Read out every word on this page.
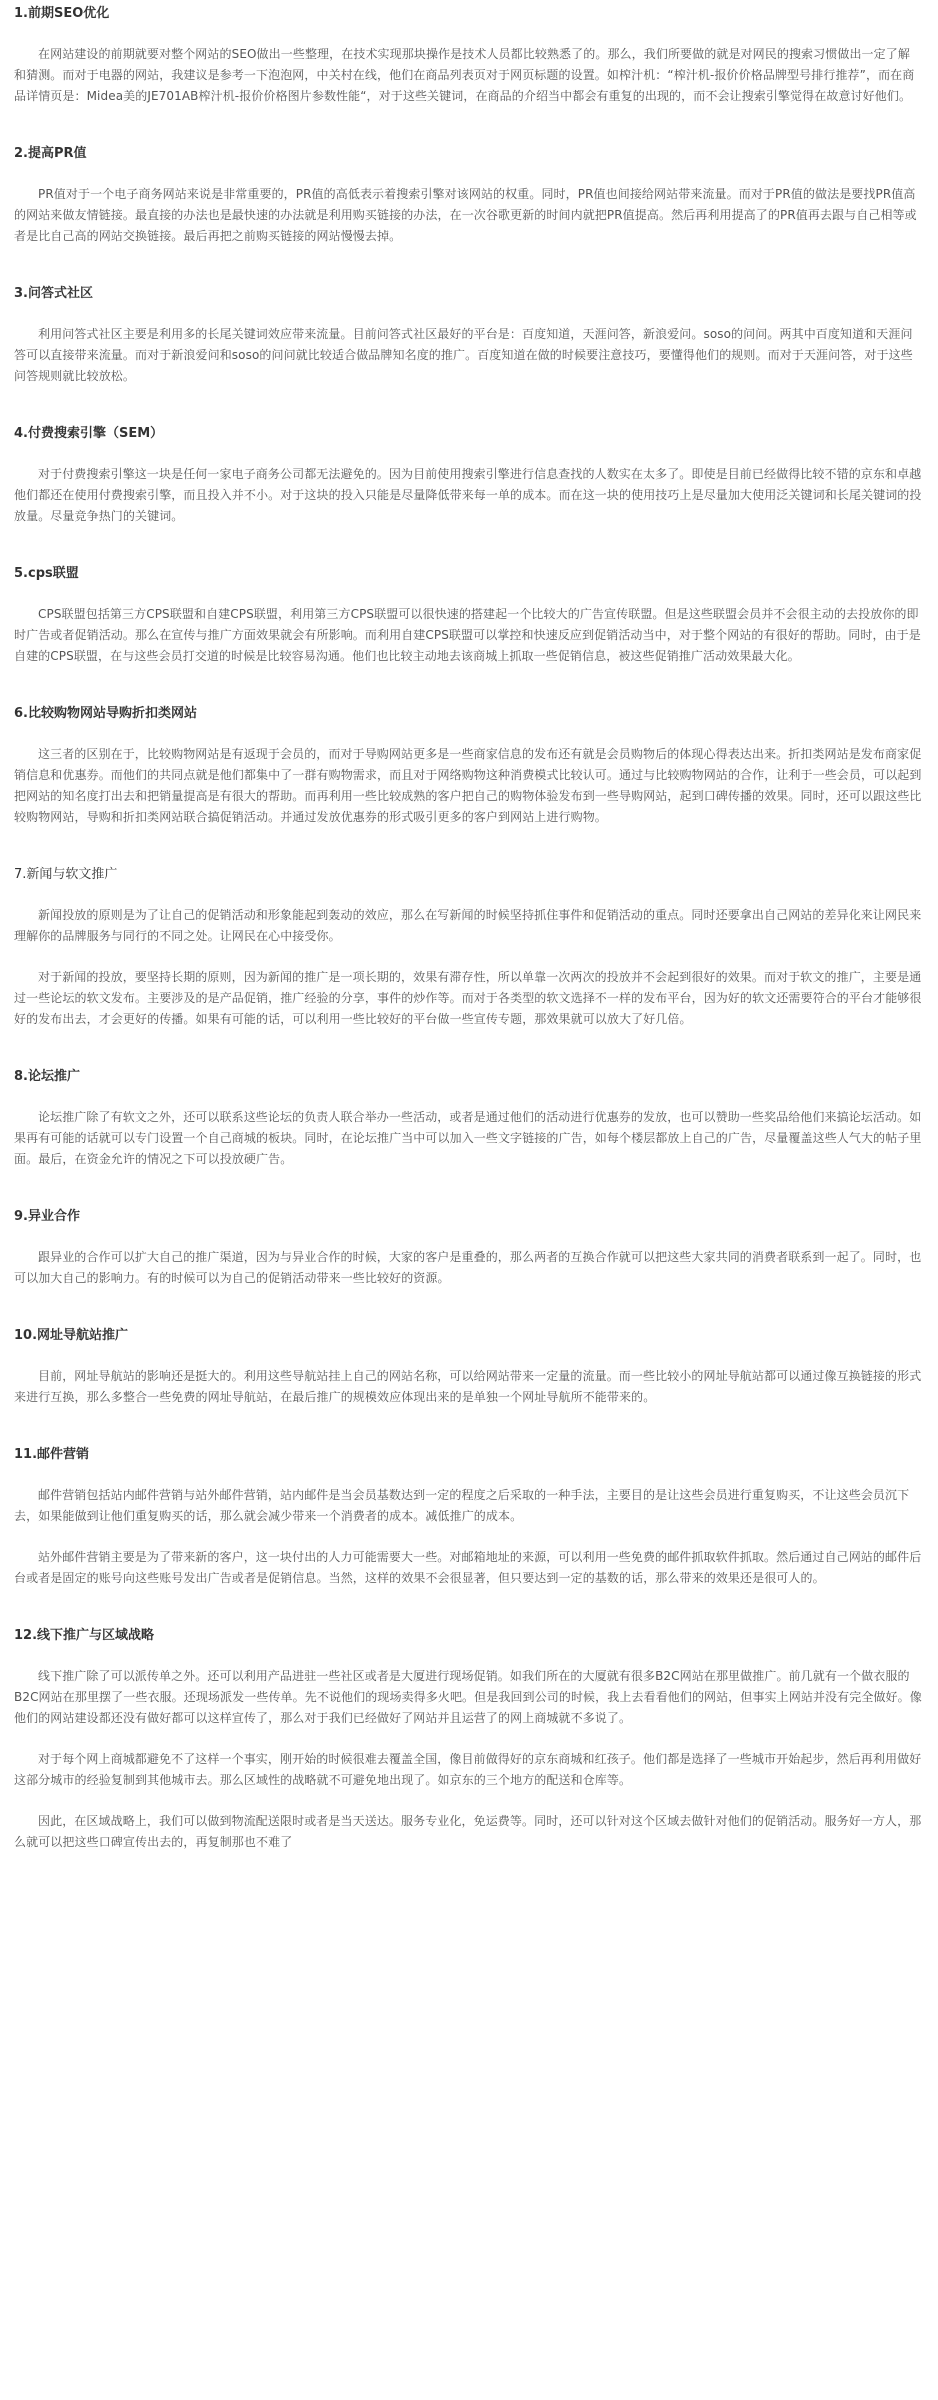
1.前期SEO优化

在网站建设的前期就要对整个网站的SEO做出一些整理，在技术实现那块操作是技术人员都比较熟悉了的。那么，我们所要做的就是对网民的搜索习惯做出一定了解和猜测。而对于电器的网站，我建议是参考一下泡泡网，中关村在线，他们在商品列表页对于网页标题的设置。如榨汁机：“榨汁机-报价价格品牌型号排行推荐”，而在商品详情页是：Midea美的JE701AB榨汁机-报价价格图片参数性能“，对于这些关键词，在商品的介绍当中都会有重复的出现的，而不会让搜索引擎觉得在故意讨好他们。

2.提高PR值

PR值对于一个电子商务网站来说是非常重要的，PR值的高低表示着搜索引擎对该网站的权重。同时，PR值也间接给网站带来流量。而对于PR值的做法是要找PR值高的网站来做友情链接。最直接的办法也是最快速的办法就是利用购买链接的办法，在一次谷歌更新的时间内就把PR值提高。然后再利用提高了的PR值再去跟与自己相等或者是比自己高的网站交换链接。最后再把之前购买链接的网站慢慢去掉。

3.问答式社区

利用问答式社区主要是利用多的长尾关键词效应带来流量。目前问答式社区最好的平台是：百度知道，天涯问答，新浪爱问。soso的问问。两其中百度知道和天涯问答可以直接带来流量。而对于新浪爱问和soso的问问就比较适合做品牌知名度的推广。百度知道在做的时候要注意技巧，要懂得他们的规则。而对于天涯问答，对于这些问答规则就比较放松。

4.付费搜索引擎（SEM）

对于付费搜索引擎这一块是任何一家电子商务公司都无法避免的。因为目前使用搜索引擎进行信息查找的人数实在太多了。即使是目前已经做得比较不错的京东和卓越他们都还在使用付费搜索引擎，而且投入并不小。对于这块的投入只能是尽量降低带来每一单的成本。而在这一块的使用技巧上是尽量加大使用泛关键词和长尾关键词的投放量。尽量竞争热门的关键词。

5.cps联盟

CPS联盟包括第三方CPS联盟和自建CPS联盟，利用第三方CPS联盟可以很快速的搭建起一个比较大的广告宣传联盟。但是这些联盟会员并不会很主动的去投放你的即时广告或者促销活动。那么在宣传与推广方面效果就会有所影响。而利用自建CPS联盟可以掌控和快速反应到促销活动当中，对于整个网站的有很好的帮助。同时，由于是自建的CPS联盟，在与这些会员打交道的时候是比较容易沟通。他们也比较主动地去该商城上抓取一些促销信息，被这些促销推广活动效果最大化。

6.比较购物网站导购折扣类网站

这三者的区别在于，比较购物网站是有返现于会员的，而对于导购网站更多是一些商家信息的发布还有就是会员购物后的体现心得表达出来。折扣类网站是发布商家促销信息和优惠券。而他们的共同点就是他们都集中了一群有购物需求，而且对于网络购物这种消费模式比较认可。通过与比较购物网站的合作，让利于一些会员，可以起到把网站的知名度打出去和把销量提高是有很大的帮助。而再利用一些比较成熟的客户把自己的购物体验发布到一些导购网站，起到口碑传播的效果。同时，还可以跟这些比较购物网站，导购和折扣类网站联合搞促销活动。并通过发放优惠券的形式吸引更多的客户到网站上进行购物。

7.新闻与软文推广

新闻投放的原则是为了让自己的促销活动和形象能起到轰动的效应，那么在写新闻的时候坚持抓住事件和促销活动的重点。同时还要拿出自己网站的差异化来让网民来理解你的品牌服务与同行的不同之处。让网民在心中接受你。

对于新闻的投放，要坚持长期的原则，因为新闻的推广是一项长期的，效果有滞存性，所以单靠一次两次的投放并不会起到很好的效果。而对于软文的推广，主要是通过一些论坛的软文发布。主要涉及的是产品促销，推广经验的分享，事件的炒作等。而对于各类型的软文选择不一样的发布平台，因为好的软文还需要符合的平台才能够很好的发布出去，才会更好的传播。如果有可能的话，可以利用一些比较好的平台做一些宣传专题，那效果就可以放大了好几倍。

8.论坛推广

论坛推广除了有软文之外，还可以联系这些论坛的负责人联合举办一些活动，或者是通过他们的活动进行优惠券的发放，也可以赞助一些奖品给他们来搞论坛活动。如果再有可能的话就可以专门设置一个自己商城的板块。同时，在论坛推广当中可以加入一些文字链接的广告，如每个楼层都放上自己的广告，尽量覆盖这些人气大的帖子里面。最后，在资金允许的情况之下可以投放硬广告。

9.异业合作

跟异业的合作可以扩大自己的推广渠道，因为与异业合作的时候，大家的客户是重叠的，那么两者的互换合作就可以把这些大家共同的消费者联系到一起了。同时，也可以加大自己的影响力。有的时候可以为自己的促销活动带来一些比较好的资源。

10.网址导航站推广

目前，网址导航站的影响还是挺大的。利用这些导航站挂上自己的网站名称，可以给网站带来一定量的流量。而一些比较小的网址导航站都可以通过像互换链接的形式来进行互换，那么多整合一些免费的网址导航站，在最后推广的规模效应体现出来的是单独一个网址导航所不能带来的。

11.邮件营销

邮件营销包括站内邮件营销与站外邮件营销，站内邮件是当会员基数达到一定的程度之后采取的一种手法，主要目的是让这些会员进行重复购买，不让这些会员沉下去，如果能做到让他们重复购买的话，那么就会减少带来一个消费者的成本。减低推广的成本。

站外邮件营销主要是为了带来新的客户，这一块付出的人力可能需要大一些。对邮箱地址的来源，可以利用一些免费的邮件抓取软件抓取。然后通过自己网站的邮件后台或者是固定的账号向这些账号发出广告或者是促销信息。当然，这样的效果不会很显著，但只要达到一定的基数的话，那么带来的效果还是很可人的。

12.线下推广与区域战略

线下推广除了可以派传单之外。还可以利用产品进驻一些社区或者是大厦进行现场促销。如我们所在的大厦就有很多B2C网站在那里做推广。前几就有一个做衣服的B2C网站在那里摆了一些衣服。还现场派发一些传单。先不说他们的现场卖得多火吧。但是我回到公司的时候，我上去看看他们的网站，但事实上网站并没有完全做好。像他们的网站建设都还没有做好都可以这样宣传了，那么对于我们已经做好了网站并且运营了的网上商城就不多说了。

对于每个网上商城都避免不了这样一个事实，刚开始的时候很难去覆盖全国，像目前做得好的京东商城和红孩子。他们都是选择了一些城市开始起步，然后再利用做好这部分城市的经验复制到其他城市去。那么区域性的战略就不可避免地出现了。如京东的三个地方的配送和仓库等。

因此，在区域战略上，我们可以做到物流配送限时或者是当天送达。服务专业化，免运费等。同时，还可以针对这个区域去做针对他们的促销活动。服务好一方人，那么就可以把这些口碑宣传出去的，再复制那也不难了
